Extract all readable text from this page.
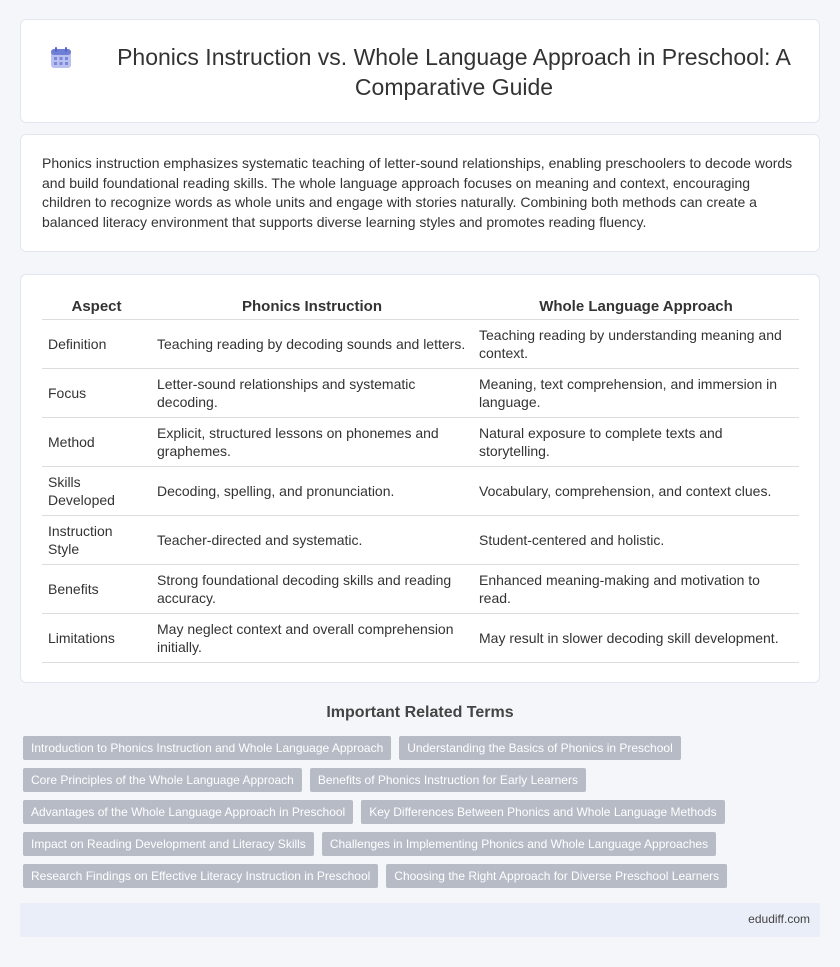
Phonics Instruction vs. Whole Language Approach in Preschool: A Comparative Guide

Phonics instruction emphasizes systematic teaching of letter-sound relationships, enabling preschoolers to decode words and build foundational reading skills. The whole language approach focuses on meaning and context, encouraging children to recognize words as whole units and engage with stories naturally. Combining both methods can create a balanced literacy environment that supports diverse learning styles and promotes reading fluency.

Aspect	Phonics Instruction	Whole Language Approach
Definition	Teaching reading by decoding sounds and letters.	Teaching reading by understanding meaning and context.
Focus	Letter-sound relationships and systematic decoding.	Meaning, text comprehension, and immersion in language.
Method	Explicit, structured lessons on phonemes and graphemes.	Natural exposure to complete texts and storytelling.
Skills Developed	Decoding, spelling, and pronunciation.	Vocabulary, comprehension, and context clues.
Instruction Style	Teacher-directed and systematic.	Student-centered and holistic.
Benefits	Strong foundational decoding skills and reading accuracy.	Enhanced meaning-making and motivation to read.
Limitations	May neglect context and overall comprehension initially.	May result in slower decoding skill development.
Important Related Terms
Introduction to Phonics Instruction and Whole Language Approach	Understanding the Basics of Phonics in Preschool
Core Principles of the Whole Language Approach	Benefits of Phonics Instruction for Early Learners
Advantages of the Whole Language Approach in Preschool	Key Differences Between Phonics and Whole Language Methods
Impact on Reading Development and Literacy Skills	Challenges in Implementing Phonics and Whole Language Approaches
Research Findings on Effective Literacy Instruction in Preschool	Choosing the Right Approach for Diverse Preschool Learners
edudiff.com
